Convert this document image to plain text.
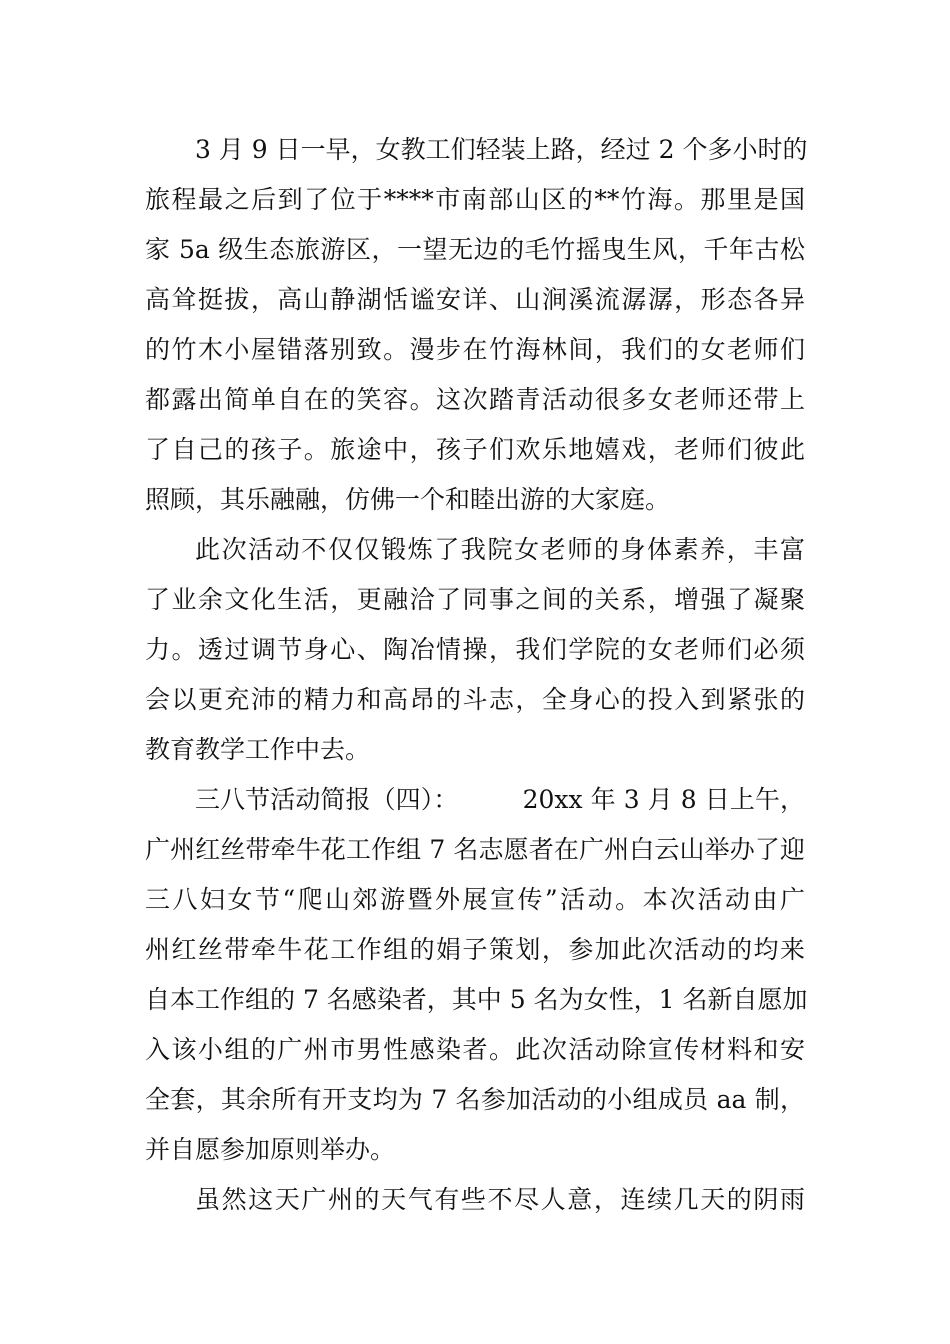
3 月 9 日一早，女教工们轻装上路，经过 2 个多小时的
旅程最之后到了位于****市南部山区的**竹海。那里是国
家 5a 级生态旅游区，一望无边的毛竹摇曳生风，千年古松
高耸挺拔，高山静湖恬谧安详、山涧溪流潺潺，形态各异
的竹木小屋错落别致。漫步在竹海林间，我们的女老师们
都露出简单自在的笑容。这次踏青活动很多女老师还带上
了自己的孩子。旅途中，孩子们欢乐地嬉戏，老师们彼此
照顾，其乐融融，仿佛一个和睦出游的大家庭。
此次活动不仅仅锻炼了我院女老师的身体素养，丰富
了业余文化生活，更融洽了同事之间的关系，增强了凝聚
力。透过调节身心、陶冶情操，我们学院的女老师们必须
会以更充沛的精力和高昂的斗志，全身心的投入到紧张的
教育教学工作中去。
三八节活动简报（四）：        20xx 年 3 月 8 日上午，
广州红丝带牵牛花工作组 7 名志愿者在广州白云山举办了迎
三八妇女节“爬山郊游暨外展宣传”活动。本次活动由广
州红丝带牵牛花工作组的娟子策划，参加此次活动的均来
自本工作组的 7 名感染者，其中 5 名为女性，1 名新自愿加
入该小组的广州市男性感染者。此次活动除宣传材料和安
全套，其余所有开支均为 7 名参加活动的小组成员 aa 制，
并自愿参加原则举办。
虽然这天广州的天气有些不尽人意，连续几天的阴雨
